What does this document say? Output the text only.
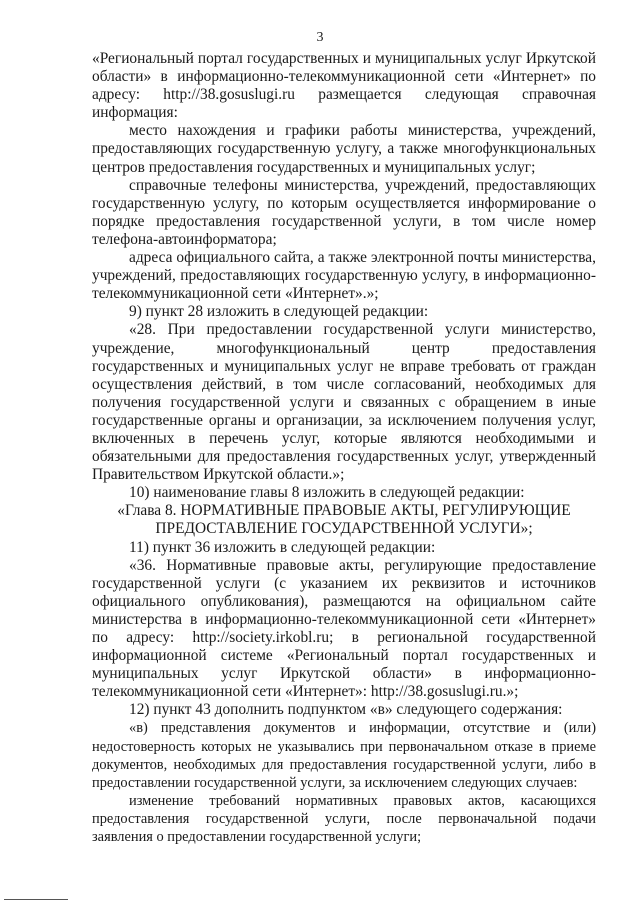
3

«Региональный портал государственных и муниципальных услуг Иркутской области» в информационно-телекоммуникационной сети «Интернет» по адресу: http://38.gosuslugi.ru размещается следующая справочная информация:

место нахождения и графики работы министерства, учреждений, предоставляющих государственную услугу, а также многофункциональных центров предоставления государственных и муниципальных услуг;

справочные телефоны министерства, учреждений, предоставляющих государственную услугу, по которым осуществляется информирование о порядке предоставления государственной услуги, в том числе номер телефона-автоинформатора;

адреса официального сайта, а также электронной почты министерства, учреждений, предоставляющих государственную услугу, в информационно-телекоммуникационной сети «Интернет».»;

9) пункт 28 изложить в следующей редакции:

«28. При предоставлении государственной услуги министерство, учреждение, многофункциональный центр предоставления государственных и муниципальных услуг не вправе требовать от граждан осуществления действий, в том числе согласований, необходимых для получения государственной услуги и связанных с обращением в иные государственные органы и организации, за исключением получения услуг, включенных в перечень услуг, которые являются необходимыми и обязательными для предоставления государственных услуг, утвержденный Правительством Иркутской области.»;

10) наименование главы 8 изложить в следующей редакции:

«Глава 8. НОРМАТИВНЫЕ ПРАВОВЫЕ АКТЫ, РЕГУЛИРУЮЩИЕ ПРЕДОСТАВЛЕНИЕ ГОСУДАРСТВЕННОЙ УСЛУГИ»;

11) пункт 36 изложить в следующей редакции:

«36. Нормативные правовые акты, регулирующие предоставление государственной услуги (с указанием их реквизитов и источников официального опубликования), размещаются на официальном сайте министерства в информационно-телекоммуникационной сети «Интернет» по адресу: http://society.irkobl.ru; в региональной государственной информационной системе «Региональный портал государственных и муниципальных услуг Иркутской области» в информационно-телекоммуникационной сети «Интернет»: http://38.gosuslugi.ru.»;

12) пункт 43 дополнить подпунктом «в» следующего содержания:

«в) представления документов и информации, отсутствие и (или) недостоверность которых не указывались при первоначальном отказе в приеме документов, необходимых для предоставления государственной услуги, либо в предоставлении государственной услуги, за исключением следующих случаев:

изменение требований нормативных правовых актов, касающихся предоставления государственной услуги, после первоначальной подачи заявления о предоставлении государственной услуги;
